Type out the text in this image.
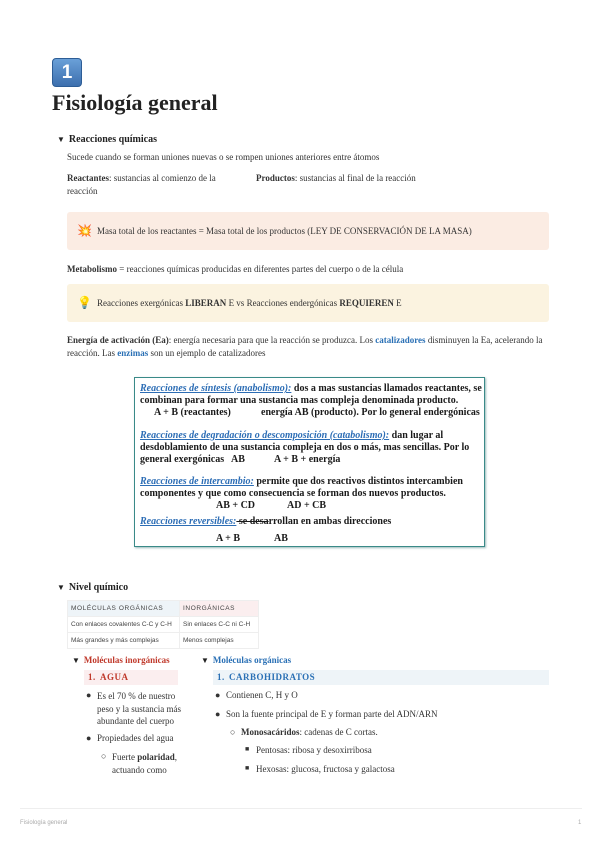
1
Fisiología general
▼ Reacciones químicas
Sucede cuando se forman uniones nuevas o se rompen uniones anteriores entre átomos
Reactantes: sustancias al comienzo de la
reacción
Productos: sustancias al final de la reacción
💥 Masa total de los reactantes = Masa total de los productos (LEY DE CONSERVACIÓN DE LA MASA)
Metabolismo = reacciones químicas producidas en diferentes partes del cuerpo o de la célula
💡 Reacciones exergónicas LIBERAN E vs Reacciones endergónicas REQUIEREN E
Energía de activación (Ea): energía necesaria para que la reacción se produzca. Los catalizadores disminuyen la Ea, acelerando la
reacción. Las enzimas son un ejemplo de catalizadores
Reacciones de síntesis (anabolismo): dos a mas sustancias llamados reactantes, se
combinan para formar una sustancia mas compleja denominada producto.
A + B (reactantes)	energía AB (producto). Por lo general endergónicas
Reacciones de degradación o descomposición (catabolismo): dan lugar al
desdoblamiento de una sustancia compleja en dos o más, mas sencillas. Por lo
general exergónicas AB	A + B + energía
Reacciones de intercambio: permite que dos reactivos distintos intercambien
componentes y que como consecuencia se forman dos nuevos productos.
AB + CD	AD + CB
Reacciones reversibles: se desarrollan en ambas direcciones
A + B	AB
▼ Nivel químico
MOLÉCULAS ORGÁNICAS	INORGÁNICAS
Con enlaces covalentes C-C y C-H	Sin enlaces C-C ni C-H
Más grandes y más complejas	Menos complejas
▼ Moléculas inorgánicas
1. AGUA
● Es el 70 % de nuestro
peso y la sustancia más
abundante del cuerpo
● Propiedades del agua
○ Fuerte polaridad,
actuando como
▼ Moléculas orgánicas
1. CARBOHIDRATOS
● Contienen C, H y O
● Son la fuente principal de E y forman parte del ADN/ARN
○ Monosacáridos: cadenas de C cortas.
■ Pentosas: ribosa y desoxirribosa
■ Hexosas: glucosa, fructosa y galactosa
Fisiología general	1
